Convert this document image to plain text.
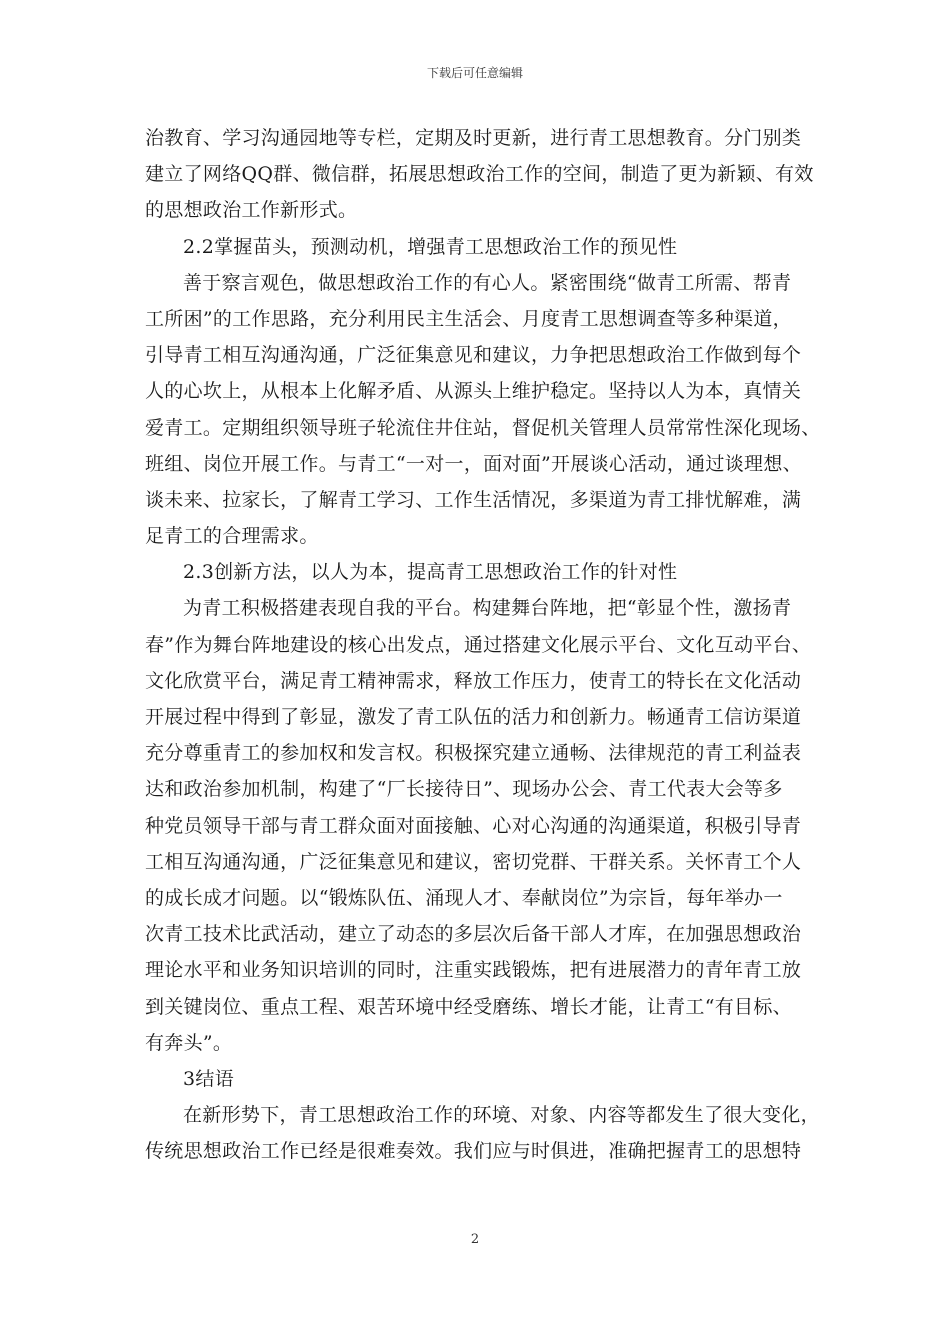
下载后可任意编辑
治教育、学习沟通园地等专栏，定期及时更新，进行青工思想教育。分门别类
建立了网络QQ群、微信群，拓展思想政治工作的空间，制造了更为新颖、有效
的思想政治工作新形式。
2.2掌握苗头，预测动机，增强青工思想政治工作的预见性
善于察言观色，做思想政治工作的有心人。紧密围绕“做青工所需、帮青
工所困”的工作思路，充分利用民主生活会、月度青工思想调查等多种渠道，
引导青工相互沟通沟通，广泛征集意见和建议，力争把思想政治工作做到每个
人的心坎上，从根本上化解矛盾、从源头上维护稳定。坚持以人为本，真情关
爱青工。定期组织领导班子轮流住井住站，督促机关管理人员常常性深化现场、
班组、岗位开展工作。与青工“一对一，面对面”开展谈心活动，通过谈理想、
谈未来、拉家长，了解青工学习、工作生活情况，多渠道为青工排忧解难，满
足青工的合理需求。
2.3创新方法，以人为本，提高青工思想政治工作的针对性
为青工积极搭建表现自我的平台。构建舞台阵地，把“彰显个性，激扬青
春”作为舞台阵地建设的核心出发点，通过搭建文化展示平台、文化互动平台、
文化欣赏平台，满足青工精神需求，释放工作压力，使青工的特长在文化活动
开展过程中得到了彰显，激发了青工队伍的活力和创新力。畅通青工信访渠道
充分尊重青工的参加权和发言权。积极探究建立通畅、法律规范的青工利益表
达和政治参加机制，构建了“厂长接待日”、现场办公会、青工代表大会等多
种党员领导干部与青工群众面对面接触、心对心沟通的沟通渠道，积极引导青
工相互沟通沟通，广泛征集意见和建议，密切党群、干群关系。关怀青工个人
的成长成才问题。以“锻炼队伍、涌现人才、奉献岗位”为宗旨，每年举办一
次青工技术比武活动，建立了动态的多层次后备干部人才库，在加强思想政治
理论水平和业务知识培训的同时，注重实践锻炼，把有进展潜力的青年青工放
到关键岗位、重点工程、艰苦环境中经受磨练、增长才能，让青工“有目标、
有奔头”。
3结语
在新形势下，青工思想政治工作的环境、对象、内容等都发生了很大变化，
传统思想政治工作已经是很难奏效。我们应与时俱进，准确把握青工的思想特
2
